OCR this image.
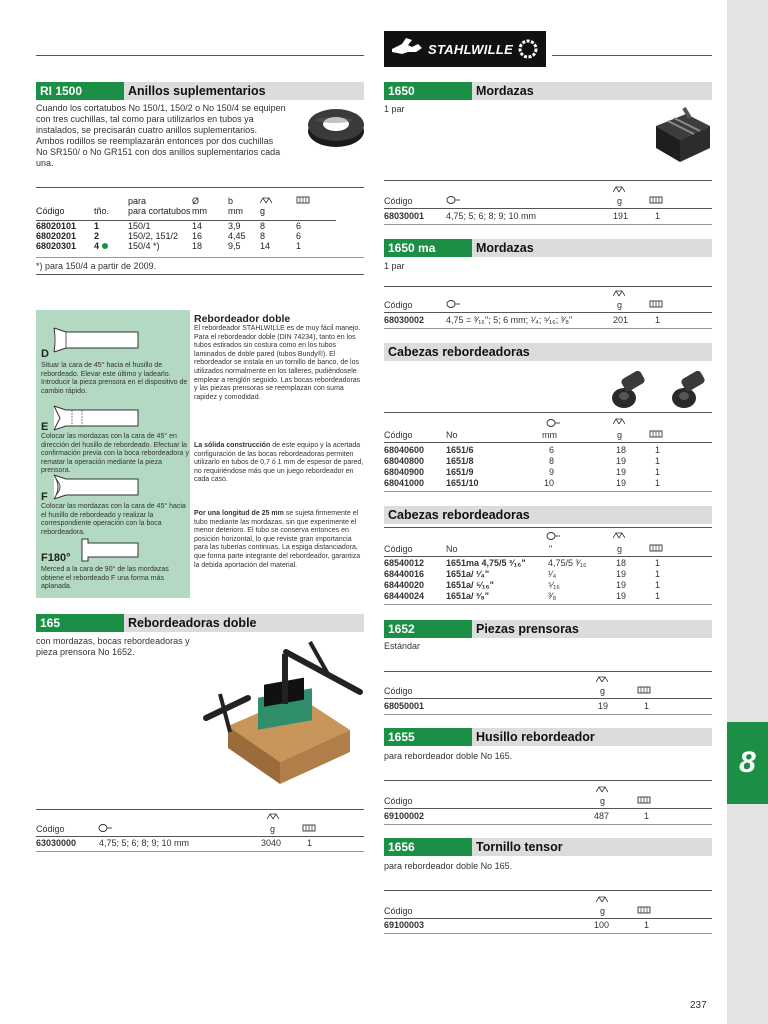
8
STAHLWILLE
RI 1500	Anillos suplementarios
Cuando los cortatubos No 150/1, 150/2 o No 150/4 se equipen con tres cuchillas, tal como para utilizarlos en tubos ya instalados, se precisarán cuatro anillos suplementarios. Ambos rodillos se reemplazarán entonces por dos cuchillas No SR150/ o No GR151 con dos anillos suplementarios cada una.
		para	Ø	b		
Código	tño.	para cortatubos	mm	mm	g	

68020101	1	150/1	14	3,9	8	6
68020201	2	150/2, 151/2	16	4,45	8	6
68020301	4	150/4 *)	18	9,5	14	1
*) para 150/4 a partir de 2009.
D
Situar la cara de 45° hacia el husillo de rebordeado. Elevar este último y ladearlo. Introducir la pieza prensora en el dispositivo de cambio rápido.
E
Colocar las mordazas con la cara de 45° en dirección del husillo de rebordeado. Efectuar la confirmación previa con la boca rebordeadora y rematar la operación mediante la pieza prensora.
F
Colocar las mordazas con la cara de 45° hacia el husillo de rebordeado y realizar la correspondiente operación con la boca rebordeadora.
F180°
Merced a la cara de 90° de las mordazas obtiene el rebordeado F una forma más aplanada.
Rebordeador doble
El rebordeador STAHLWILLE es de muy fácil manejo. Para el rebordeador doble (DIN 74234), tanto en los tubos estirados sin costura como en los tubos laminados de doble pared (tubos Bundy®). El rebordeador se instala en un tornillo de banco, de los utilizados normalmente en los talleres, pudiéndosele emplear a renglón seguido. Las bocas rebordeadoras y las piezas prensoras se reemplazan con suma rapidez y comodidad.
La sólida construcción de este equipo y la acertada configuración de las bocas rebordeadoras permiten utilizarlo en tubos de 0,7 ó 1 mm de espesor de pared, no requiriéndose más que un juego rebordeador en cada caso.
Por una longitud de 25 mm se sujeta firmemente el tubo mediante las mordazas, sin que experimente el menor deterioro. El tubo se conserva entonces en posición horizontal, lo que reviste gran importancia para las tuberías continuas. La espiga distanciadora, que forma parte integrante del rebordeador, garantiza la debida aportación del material.
165	Rebordeadoras doble
con mordazas, bocas rebordeadoras y pieza prensora No 1652.
Código	g
63030000	4,75; 5; 6; 8; 9; 10 mm	3040	1
1650	Mordazas
1 par
Código	g
68030001 4,75; 5; 6; 8; 9; 10 mm	191	1
1650 ma	Mordazas
1 par
Código	g
68030002 4,75 = ³⁄₁₆"; 5; 6 mm; ¹⁄₄; ⁵⁄₁₆; ³⁄₈"	201	1
Cabezas rebordeadoras
Código	No	mm	g
68040600 1651/6	6	18	1
68040800 1651/8	8	19	1
68040900 1651/9	9	19	1
68041000 1651/10	10	19	1
Cabezas rebordeadoras
Código	No	"	g
68540012 1651ma 4,75/5 ³⁄₁₆" 4,75/5 ³⁄₁₆	18	1
68440016 1651a/ ¹⁄₄"	¹⁄₄	19	1
68440020 1651a/ ⁵⁄₁₆"	⁵⁄₁₆	19	1
68440024 1651a/ ³⁄₈"	³⁄₈	19	1
1652	Piezas prensoras
Estándar
Código	g
68050001	19	1
1655	Husillo rebordeador
para rebordeador doble No 165.
Código	g
69100002	487	1
1656	Tornillo tensor
para rebordeador doble No 165.
Código	g
69100003	100	1
237
